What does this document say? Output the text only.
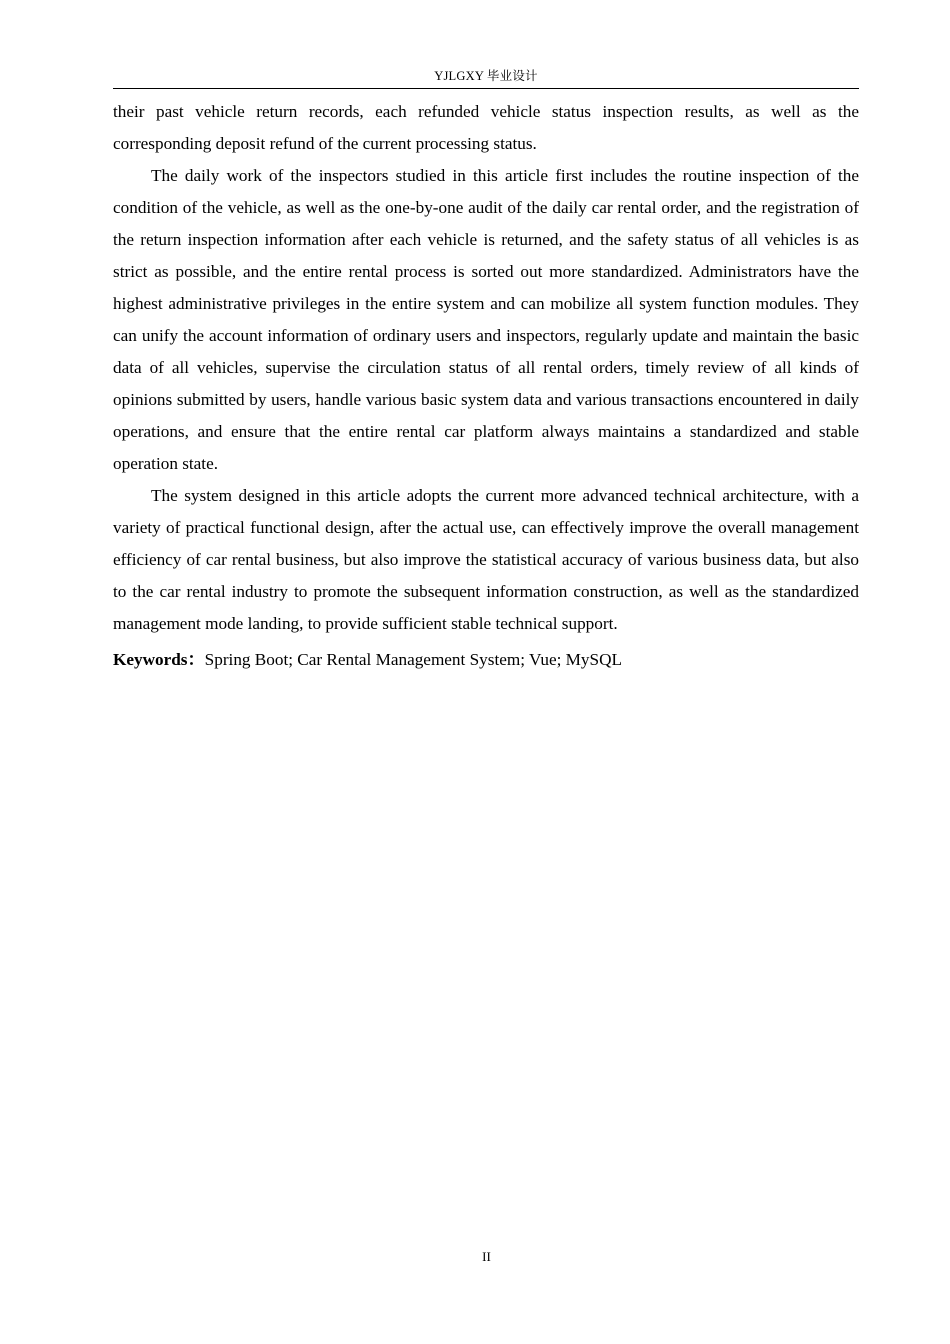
YJLGXY 毕业设计

their past vehicle return records, each refunded vehicle status inspection results, as well as the corresponding deposit refund of the current processing status.

The daily work of the inspectors studied in this article first includes the routine inspection of the condition of the vehicle, as well as the one-by-one audit of the daily car rental order, and the registration of the return inspection information after each vehicle is returned, and the safety status of all vehicles is as strict as possible, and the entire rental process is sorted out more standardized. Administrators have the highest administrative privileges in the entire system and can mobilize all system function modules. They can unify the account information of ordinary users and inspectors, regularly update and maintain the basic data of all vehicles, supervise the circulation status of all rental orders, timely review of all kinds of opinions submitted by users, handle various basic system data and various transactions encountered in daily operations, and ensure that the entire rental car platform always maintains a standardized and stable operation state.

The system designed in this article adopts the current more advanced technical architecture, with a variety of practical functional design, after the actual use, can effectively improve the overall management efficiency of car rental business, but also improve the statistical accuracy of various business data, but also to the car rental industry to promote the subsequent information construction, as well as the standardized management mode landing, to provide sufficient stable technical support.

Keywords：Spring Boot; Car Rental Management System; Vue; MySQL

II
